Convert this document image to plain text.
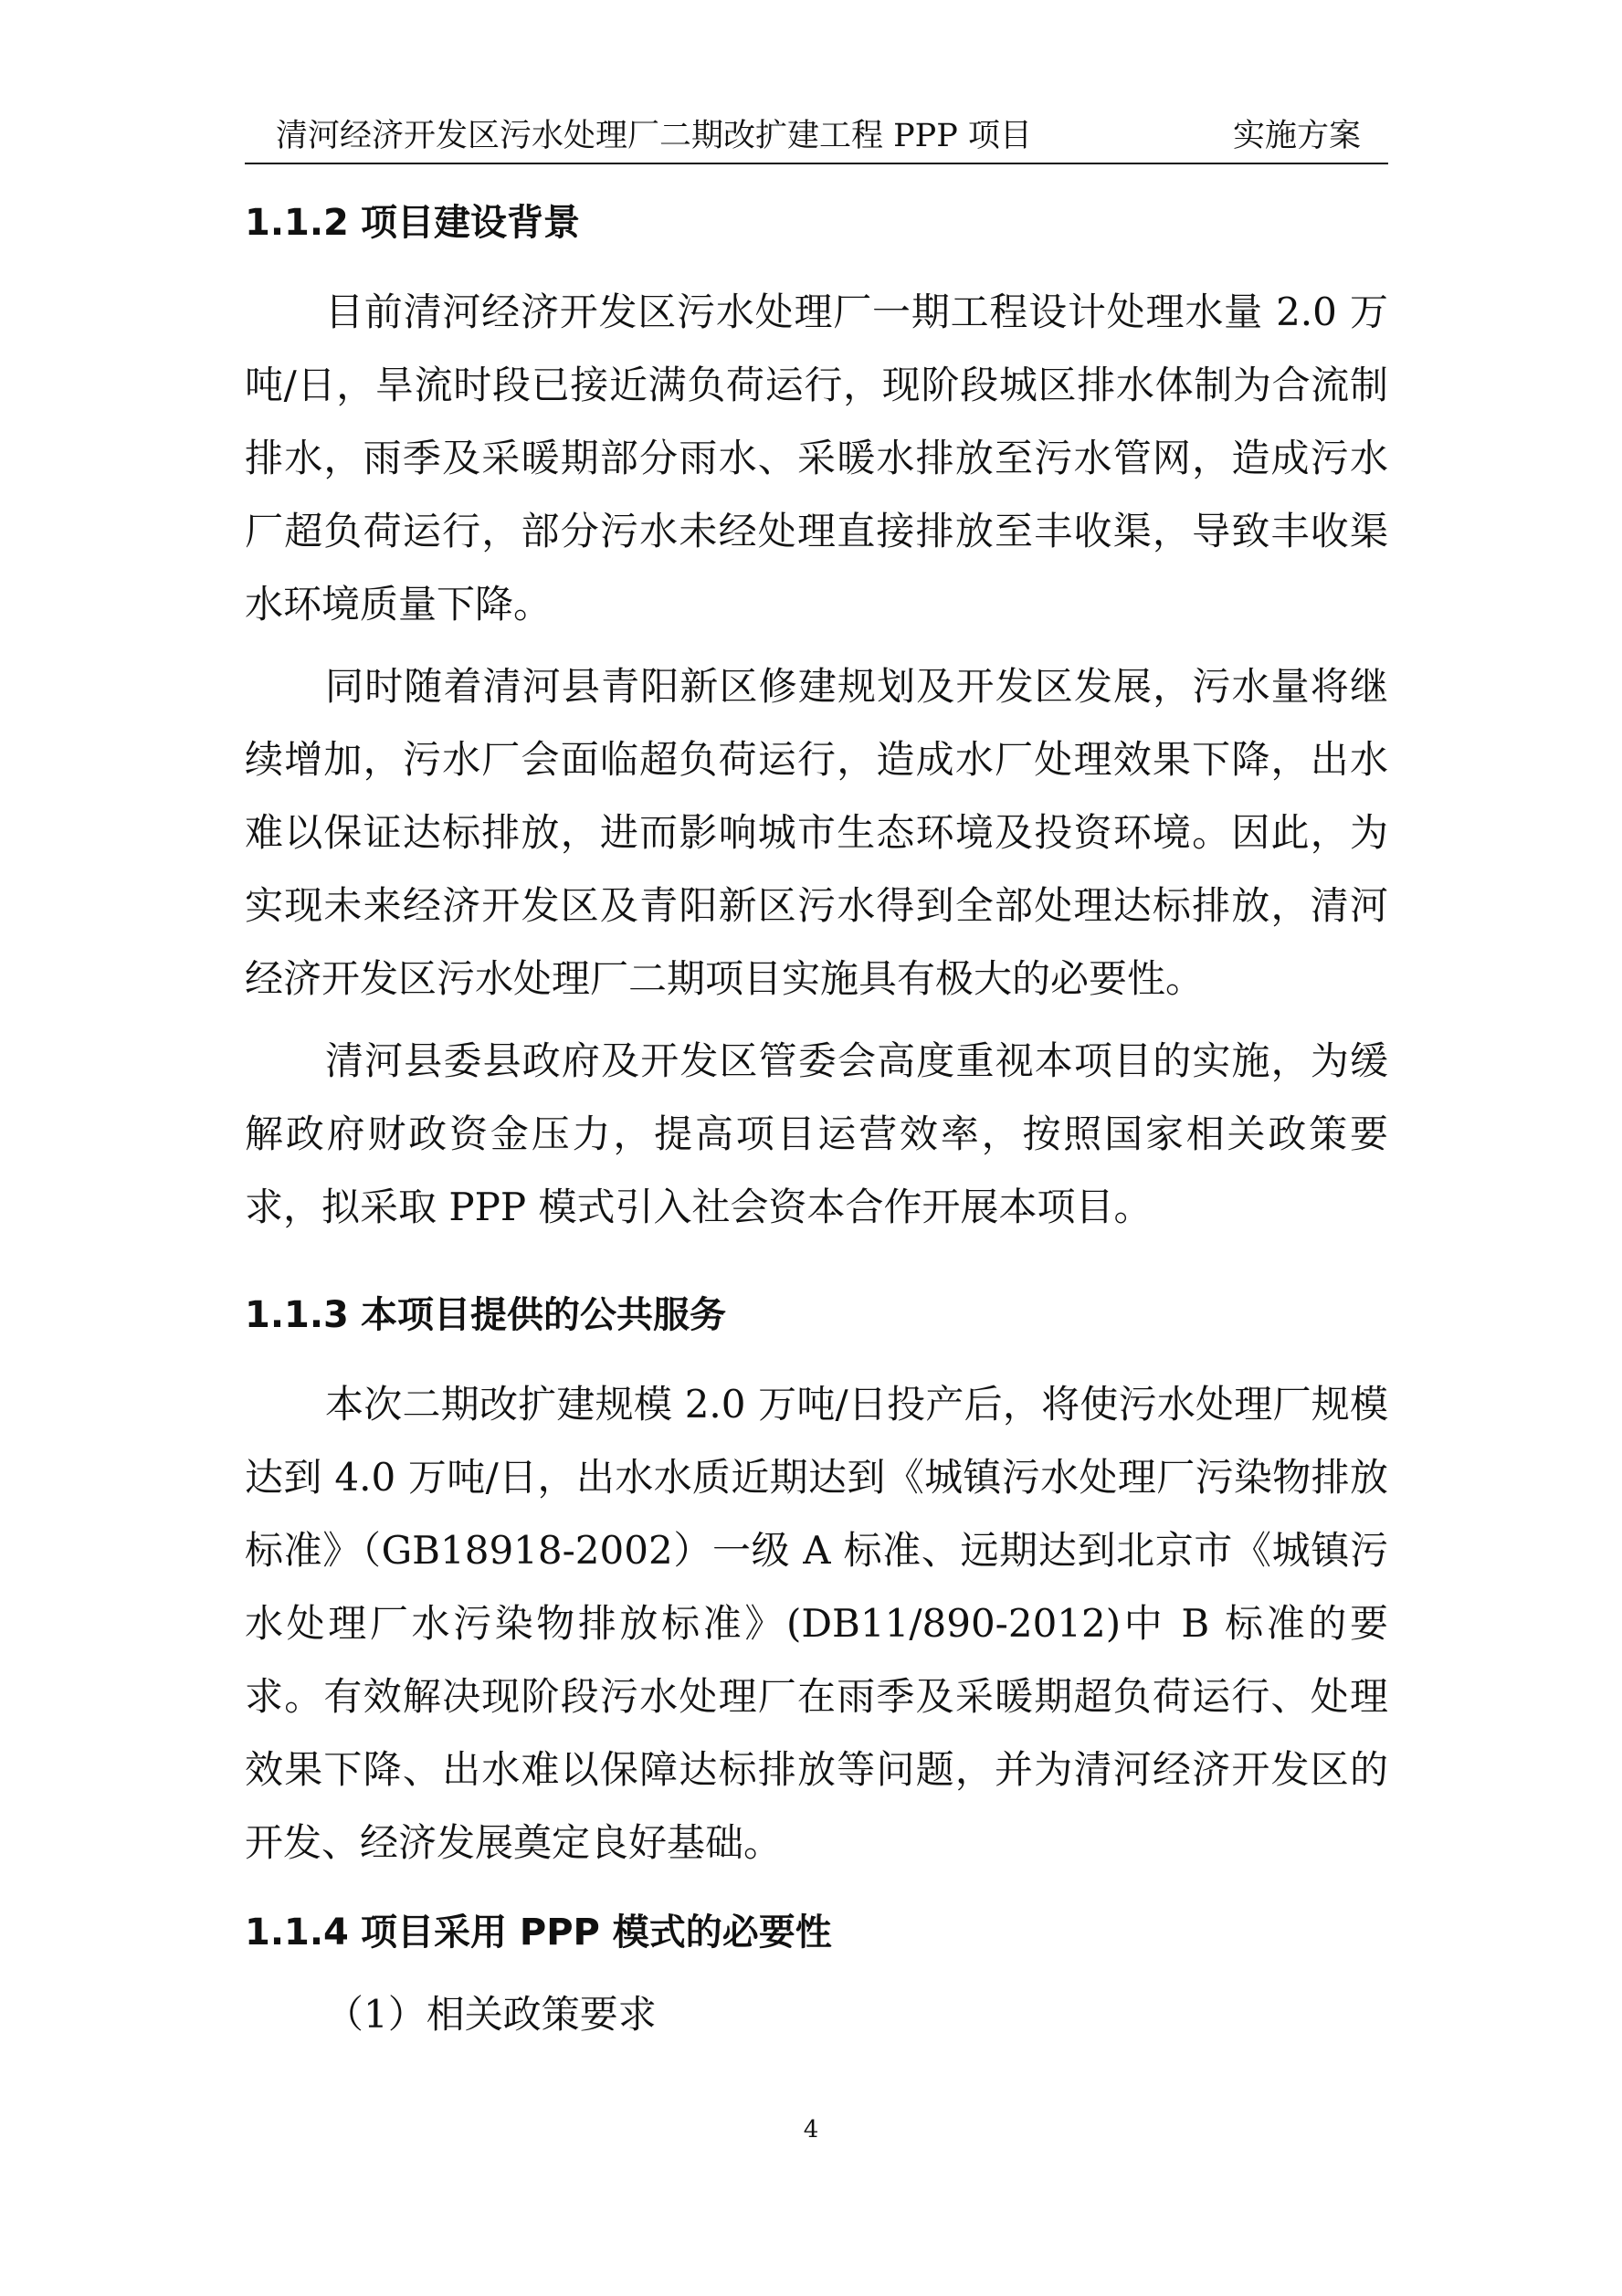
清河经济开发区污水处理厂二期改扩建工程 PPP 项目	实施方案
1.1.2 项目建设背景

目前清河经济开发区污水处理厂一期工程设计处理水量 2.0 万吨/日，旱流时段已接近满负荷运行，现阶段城区排水体制为合流制排水，雨季及采暖期部分雨水、采暖水排放至污水管网，造成污水厂超负荷运行，部分污水未经处理直接排放至丰收渠，导致丰收渠水环境质量下降。

同时随着清河县青阳新区修建规划及开发区发展，污水量将继续增加，污水厂会面临超负荷运行，造成水厂处理效果下降，出水难以保证达标排放，进而影响城市生态环境及投资环境。因此，为实现未来经济开发区及青阳新区污水得到全部处理达标排放，清河经济开发区污水处理厂二期项目实施具有极大的必要性。

清河县委县政府及开发区管委会高度重视本项目的实施，为缓解政府财政资金压力，提高项目运营效率，按照国家相关政策要求，拟采取 PPP 模式引入社会资本合作开展本项目。

1.1.3 本项目提供的公共服务

本次二期改扩建规模 2.0 万吨/日投产后，将使污水处理厂规模达到 4.0 万吨/日，出水水质近期达到《城镇污水处理厂污染物排放标准》（GB18918-2002）一级 A 标准、远期达到北京市《城镇污水处理厂水污染物排放标准》(DB11/890-2012)中 B 标准的要求。有效解决现阶段污水处理厂在雨季及采暖期超负荷运行、处理效果下降、出水难以保障达标排放等问题，并为清河经济开发区的开发、经济发展奠定良好基础。

1.1.4 项目采用 PPP 模式的必要性
（1）相关政策要求
4
